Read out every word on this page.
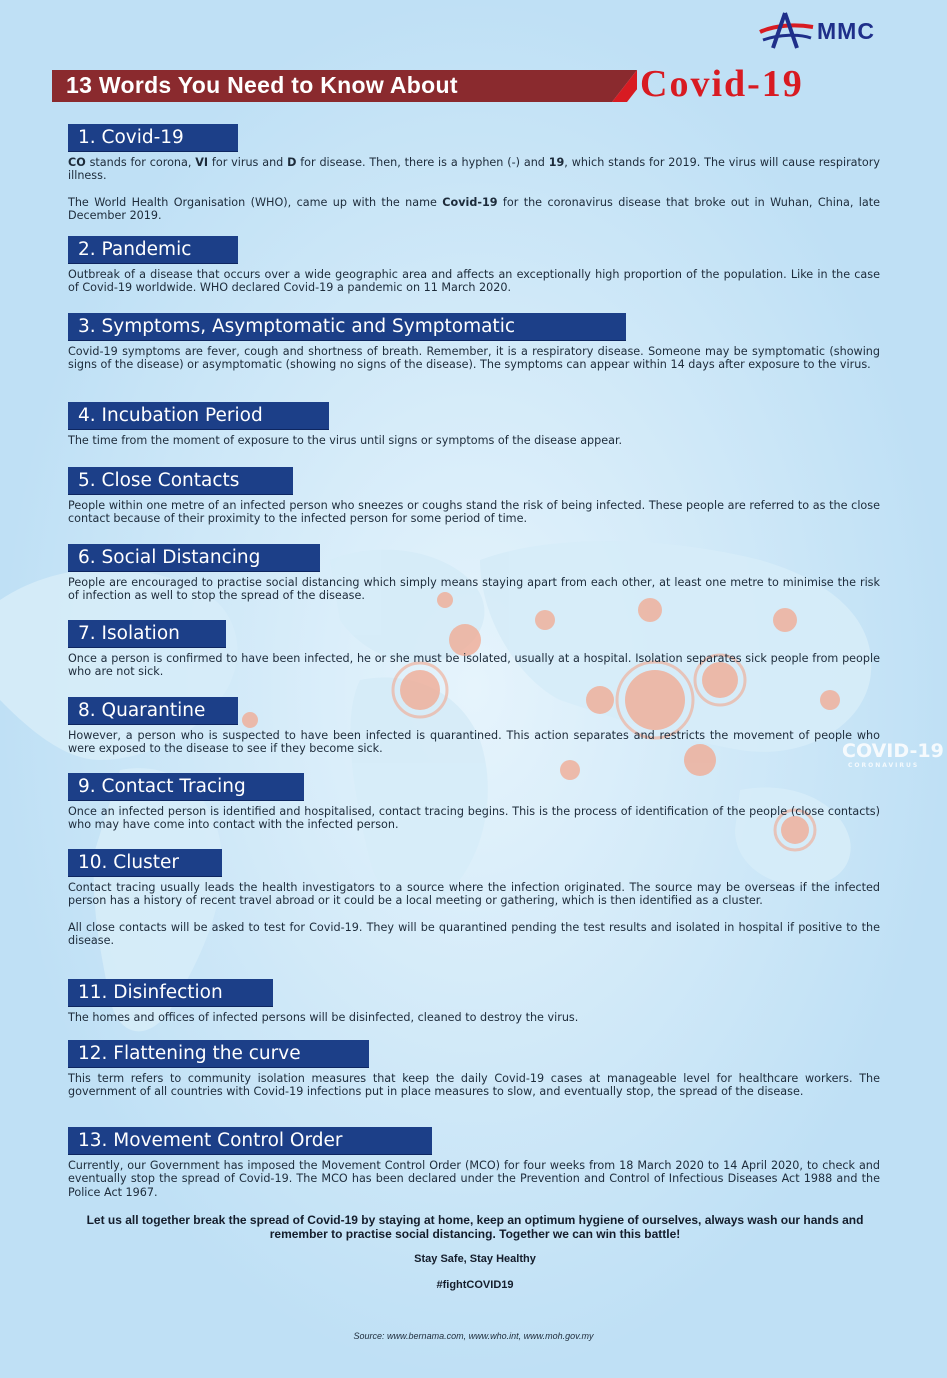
MMC
13 Words You Need to Know About	Covid-19
1. Covid-19

CO stands for corona, VI for virus and D for disease. Then, there is a hyphen (-) and 19, which stands for 2019. The virus will cause respiratory illness.

The World Health Organisation (WHO), came up with the name Covid-19 for the coronavirus disease that broke out in Wuhan, China, late December 2019.

2. Pandemic

Outbreak of a disease that occurs over a wide geographic area and affects an exceptionally high proportion of the population. Like in the case of Covid-19 worldwide. WHO declared Covid-19 a pandemic on 11 March 2020.

3. Symptoms, Asymptomatic and Symptomatic

Covid-19 symptoms are fever, cough and shortness of breath. Remember, it is a respiratory disease. Someone may be symptomatic (showing signs of the disease) or asymptomatic (showing no signs of the disease). The symptoms can appear within 14 days after exposure to the virus.

4. Incubation Period

The time from the moment of exposure to the virus until signs or symptoms of the disease appear.

5. Close Contacts

People within one metre of an infected person who sneezes or coughs stand the risk of being infected. These people are referred to as the close contact because of their proximity to the infected person for some period of time.

6. Social Distancing

People are encouraged to practise social distancing which simply means staying apart from each other, at least one metre to minimise the risk of infection as well to stop the spread of the disease.

7. Isolation

Once a person is confirmed to have been infected, he or she must be isolated, usually at a hospital. Isolation separates sick people from people who are not sick.

8. Quarantine

However, a person who is suspected to have been infected is quarantined. This action separates and restricts the movement of people who were exposed to the disease to see if they become sick.

9. Contact Tracing

Once an infected person is identified and hospitalised, contact tracing begins. This is the process of identification of the people (close contacts) who may have come into contact with the infected person.

10. Cluster

Contact tracing usually leads the health investigators to a source where the infection originated. The source may be overseas if the infected person has a history of recent travel abroad or it could be a local meeting or gathering, which is then identified as a cluster.

All close contacts will be asked to test for Covid-19. They will be quarantined pending the test results and isolated in hospital if positive to the disease.

11. Disinfection

The homes and offices of infected persons will be disinfected, cleaned to destroy the virus.

12. Flattening the curve

This term refers to community isolation measures that keep the daily Covid-19 cases at manageable level for healthcare workers. The government of all countries with Covid-19 infections put in place measures to slow, and eventually stop, the spread of the disease.

13. Movement Control Order

Currently, our Government has imposed the Movement Control Order (MCO) for four weeks from 18 March 2020 to 14 April 2020, to check and eventually stop the spread of Covid-19. The MCO has been declared under the Prevention and Control of Infectious Diseases Act 1988 and the Police Act 1967.

Let us all together break the spread of Covid-19 by staying at home, keep an optimum hygiene of ourselves, always wash our hands and remember to practise social distancing. Together we can win this battle!
Stay Safe, Stay Healthy
#fightCOVID19
Source: www.bernama.com, www.who.int, www.moh.gov.my
COVID-19
CORONAVIRUS
